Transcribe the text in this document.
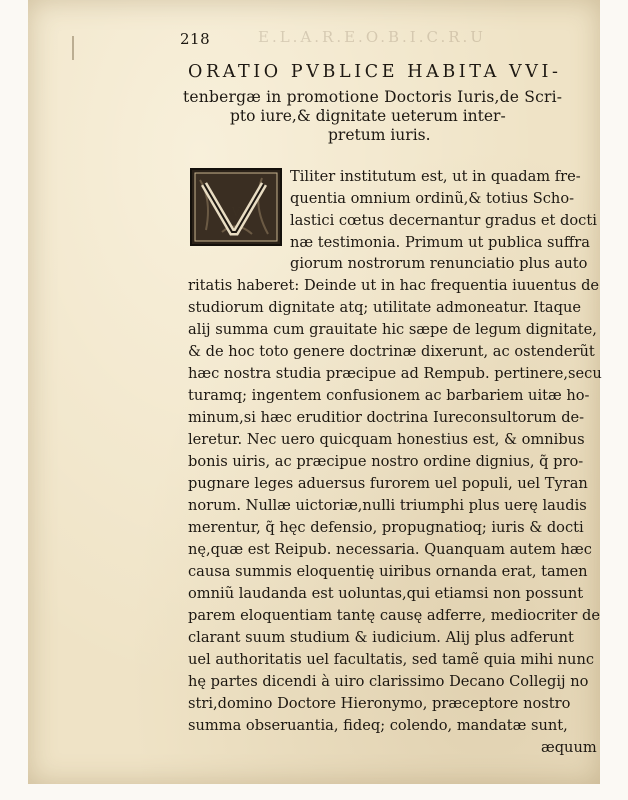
218	E.L.A.R.E.O.B.I.C.R.U
ORATIO PVBLICE HABITA VVI-
tenbergæ in promotione Doctoris Iuris,de Scri-
pto iure,& dignitate ueterum inter-
pretum iuris.
V
Tiliter institutum est, ut in quadam fre-
quentia omnium ordinũ,& totius Scho-
lastici cœtus decernantur gradus et docti
næ testimonia. Primum ut publica suffra
giorum nostrorum renunciatio plus auto
ritatis haberet: Deinde ut in hac frequentia iuuentus de
studiorum dignitate atq; utilitate admoneatur. Itaque
alij summa cum grauitate hic sæpe de legum dignitate,
& de hoc toto genere doctrinæ dixerunt, ac ostenderũt
hæc nostra studia præcipue ad Rempub. pertinere,secu
turamq; ingentem confusionem ac barbariem uitæ ho-
minum,si hæc eruditior doctrina Iureconsultorum de-
leretur. Nec uero quicquam honestius est, & omnibus
bonis uiris, ac præcipue nostro ordine dignius, q̃ pro-
pugnare leges aduersus furorem uel populi, uel Tyran
norum. Nullæ uictoriæ,nulli triumphi plus uerę laudis
merentur, q̃ hęc defensio, propugnatioq; iuris & docti
nę,quæ est Reipub. necessaria. Quanquam autem hæc
causa summis eloquentię uiribus ornanda erat, tamen
omniũ laudanda est uoluntas,qui etiamsi non possunt
parem eloquentiam tantę causę adferre, mediocriter de
clarant suum studium & iudicium. Alij plus adferunt
uel authoritatis uel facultatis, sed tamẽ quia mihi nunc
hę partes dicendi à uiro clarissimo Decano Collegij no
stri,domino Doctore Hieronymo, præceptore nostro
summa obseruantia, fideq; colendo, mandatæ sunt,
æquum
